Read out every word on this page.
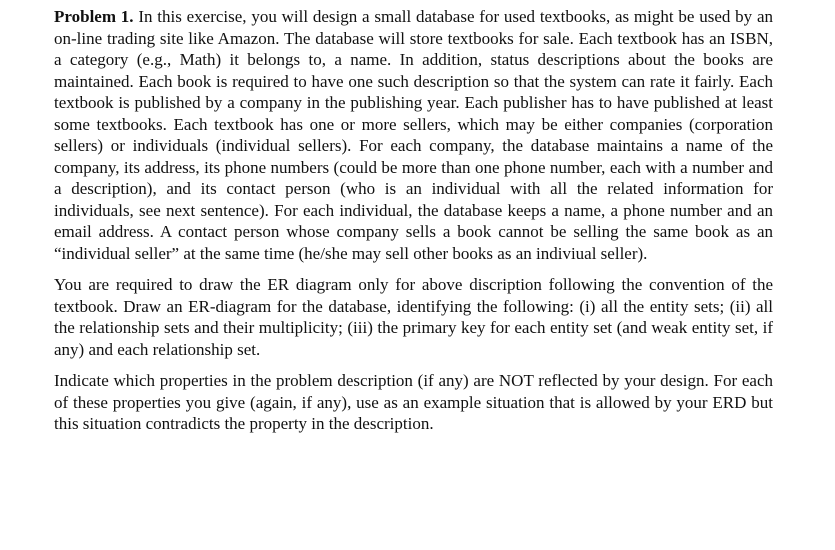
Problem 1. In this exercise, you will design a small database for used textbooks, as might be used by an on-line trading site like Amazon. The database will store textbooks for sale. Each textbook has an ISBN, a category (e.g., Math) it belongs to, a name. In addition, status descriptions about the books are maintained. Each book is required to have one such description so that the system can rate it fairly. Each textbook is published by a company in the publishing year. Each publisher has to have published at least some textbooks. Each textbook has one or more sellers, which may be either companies (corporation sellers) or individuals (individual sellers). For each company, the database maintains a name of the company, its address, its phone numbers (could be more than one phone number, each with a number and a description), and its contact person (who is an individual with all the related information for individuals, see next sentence). For each individual, the database keeps a name, a phone number and an email address. A contact person whose company sells a book cannot be selling the same book as an “individual seller” at the same time (he/she may sell other books as an indiviual seller).

You are required to draw the ER diagram only for above discription following the convention of the textbook. Draw an ER-diagram for the database, identifying the following: (i) all the entity sets; (ii) all the relationship sets and their multiplicity; (iii) the primary key for each entity set (and weak entity set, if any) and each relationship set.

Indicate which properties in the problem description (if any) are NOT reflected by your design. For each of these properties you give (again, if any), use as an example situation that is allowed by your ERD but this situation contradicts the property in the description.
